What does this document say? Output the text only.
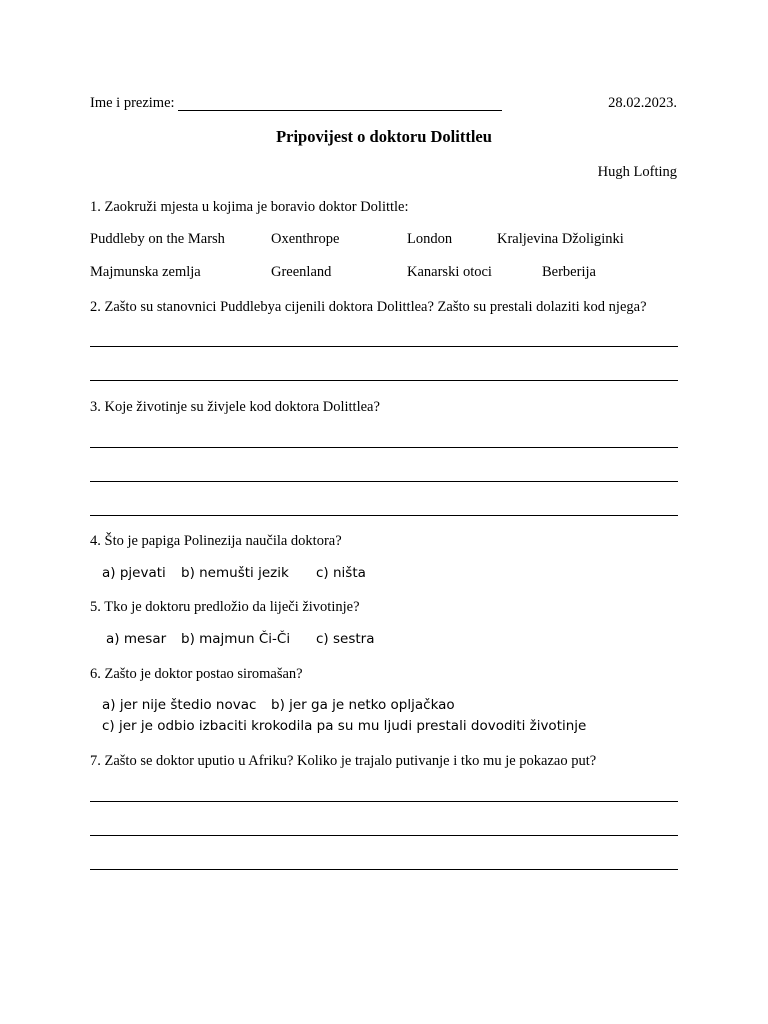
Ime i prezime:	28.02.2023.
Pripovijest o doktoru Dolittleu
Hugh Lofting
1. Zaokruži mjesta u kojima je boravio doktor Dolittle:
Puddleby on the Marsh	Oxenthrope	London	Kraljevina Džoliginki
Majmunska zemlja	Greenland	Kanarski otoci	Berberija
2. Zašto su stanovnici Puddlebya cijenili doktora Dolittlea? Zašto su prestali dolaziti kod njega?
3. Koje životinje su živjele kod doktora Dolittlea?
4. Što je papiga Polinezija naučila doktora?
a) pjevati b) nemušti jezik c) ništa
5. Tko je doktoru predložio da liječi životinje?
a) mesar b) majmun Či-Či c) sestra
6. Zašto je doktor postao siromašan?
a) jer nije štedio novac b) jer ga je netko opljačkao
c) jer je odbio izbaciti krokodila pa su mu ljudi prestali dovoditi životinje
7. Zašto se doktor uputio u Afriku? Koliko je trajalo putivanje i tko mu je pokazao put?
